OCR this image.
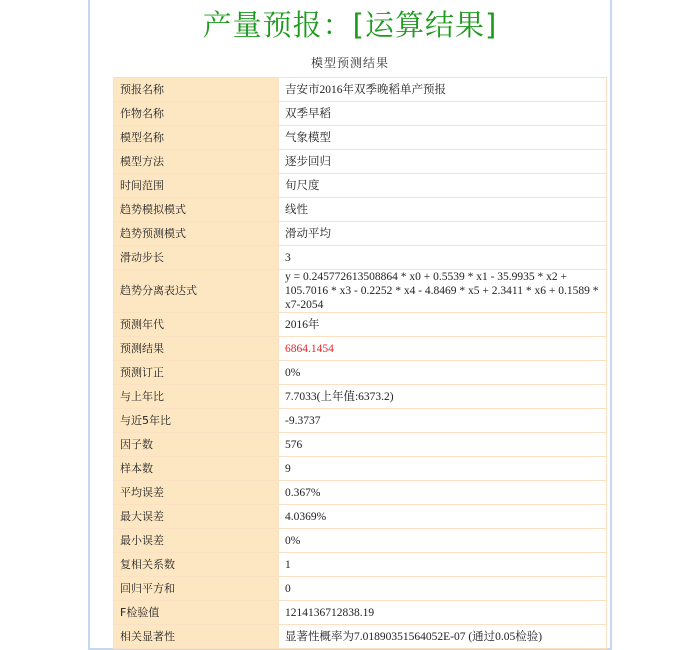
产量预报：[运算结果]
模型预测结果
预报名称	吉安市2016年双季晚稻单产预报
作物名称	双季早稻
模型名称	气象模型
模型方法	逐步回归
时间范围	旬尺度
趋势模拟模式	线性
趋势预测模式	滑动平均
滑动步长	3
趋势分离表达式	y = 0.245772613508864 * x0 + 0.5539 * x1 - 35.9935 * x2 + 105.7016 * x3 - 0.2252 * x4 - 4.8469 * x5 + 2.3411 * x6 + 0.1589 * x7-2054
预测年代	2016年
预测结果	6864.1454
预测订正	0%
与上年比	7.7033(上年值:6373.2)
与近5年比	-9.3737
因子数	576
样本数	9
平均误差	0.367%
最大误差	4.0369%
最小误差	0%
复相关系数	1
回归平方和	0
F检验值	1214136712838.19
相关显著性	显著性概率为7.01890351564052E-07 (通过0.05检验)
